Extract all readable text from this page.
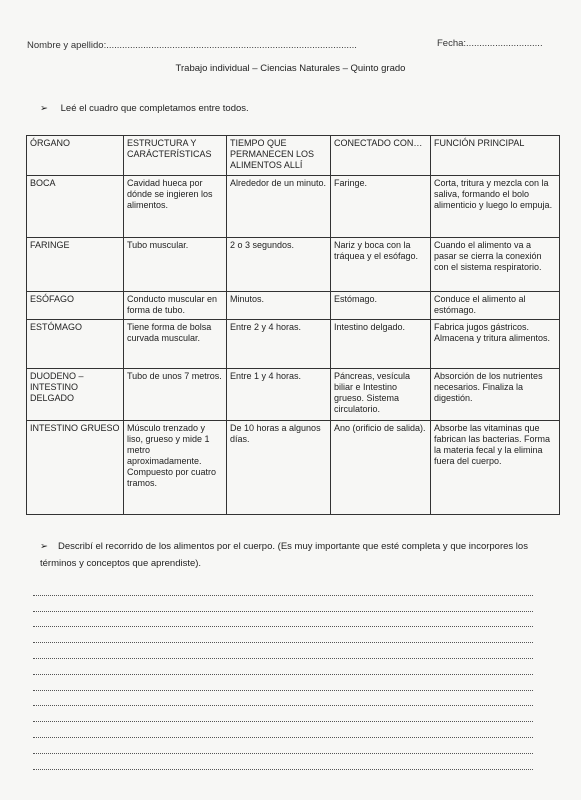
Nombre y apellido:...............................................................................................	Fecha:.............................
Trabajo individual – Ciencias Naturales – Quinto grado
➢ Leé el cuadro que completamos entre todos.
ÓRGANO	ESTRUCTURA Y CARÁCTERÍSTICAS	TIEMPO QUE PERMANECEN LOS ALIMENTOS ALLÍ	CONECTADO CON…	FUNCIÓN PRINCIPAL
BOCA	Cavidad hueca por dónde se ingieren los alimentos.	Alrededor de un minuto.	Faringe.	Corta, tritura y mezcla con la saliva, formando el bolo alimenticio y luego lo empuja.
FARINGE	Tubo muscular.	2 o 3 segundos.	Nariz y boca con la tráquea y el esófago.	Cuando el alimento va a pasar se cierra la conexión con el sistema respiratorio.
ESÓFAGO	Conducto muscular en forma de tubo.	Minutos.	Estómago.	Conduce el alimento al estómago.
ESTÓMAGO	Tiene forma de bolsa curvada muscular.	Entre 2 y 4 horas.	Intestino delgado.	Fabrica jugos gástricos. Almacena y tritura alimentos.
DUODENO – INTESTINO DELGADO	Tubo de unos 7 metros.	Entre 1 y 4 horas.	Páncreas, vesícula biliar e Intestino grueso. Sistema circulatorio.	Absorción de los nutrientes necesarios. Finaliza la digestión.
INTESTINO GRUESO	Músculo trenzado y liso, grueso y mide 1 metro aproximadamente. Compuesto por cuatro tramos.	De 10 horas a algunos días.	Ano (orificio de salida).	Absorbe las vitaminas que fabrican las bacterias. Forma la materia fecal y la elimina fuera del cuerpo.
➢ Describí el recorrido de los alimentos por el cuerpo. (Es muy importante que esté completa y que incorpores los términos y conceptos que aprendiste).
